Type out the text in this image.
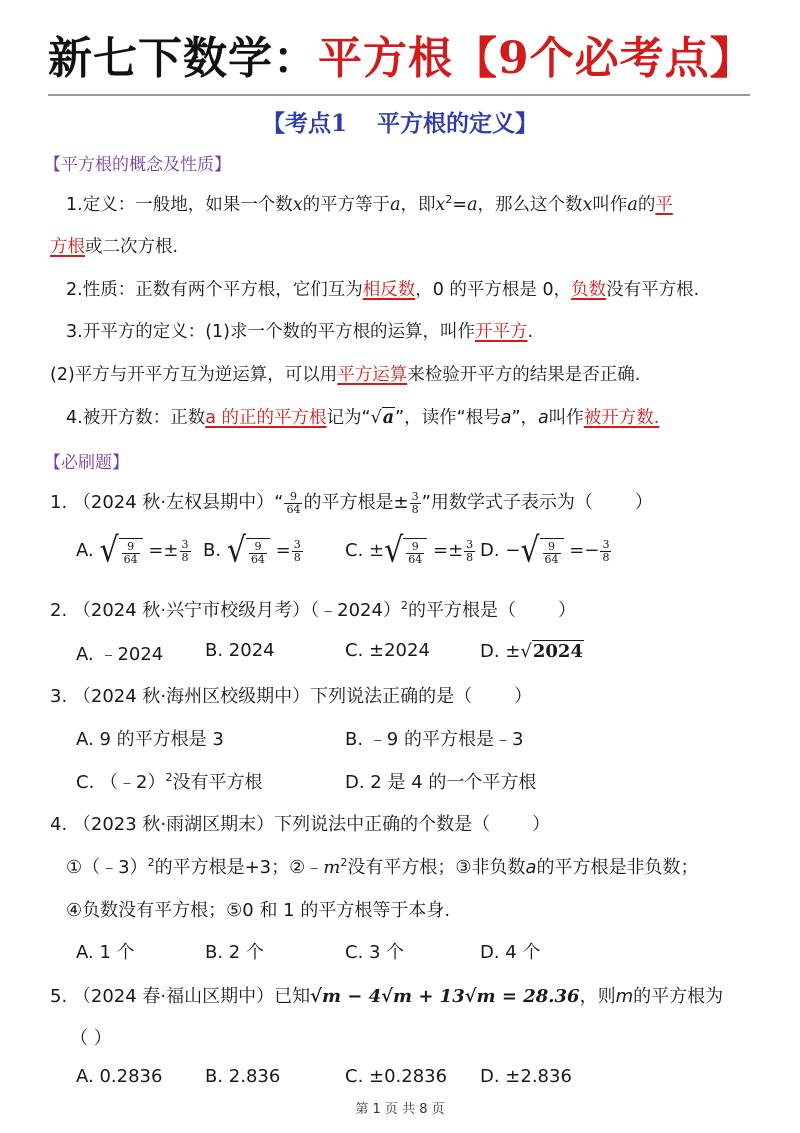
新七下数学：平方根【9个必考点】
【考点1 平方根的定义】
【平方根的概念及性质】
1.定义：一般地，如果一个数x的平方等于a，即$x^2=a$，那么这个数x叫作a的平
方根或二次方根.
2.性质：正数有两个平方根，它们互为相反数，0 的平方根是 0，负数没有平方根.
3.开平方的定义：(1)求一个数的平方根的运算，叫作开平方.
(2)平方与开平方互为逆运算，可以用平方运算来检验开平方的结果是否正确.
4.被开方数：正数a 的正的平方根记为“ √ a ”，读作“根号a”，a叫作被开方数.
【必刷题】
1. （2024 秋·左权县期中）“ $\frac{9}{64}$ 的平方根是± $\frac{3}{8}$ ”用数学式子表示为（ ）
A. √ $\frac{9}{64} =\pm \frac{3}{8} B$. √ $\frac{9}{64} = \frac{3}{8} C$. ± √ $\frac{9}{64} =\pm \frac{3}{8} D$. − √ $\frac{9}{64} =- \frac{3}{8}$
2. （2024 秋·兴宁市校级月考）（﹣2024）$^2$的平方根是（ ）
A. ﹣2024 B. 2024	C. ±2024	D. ± √ 2024
3. （2024 秋·海州区校级期中）下列说法正确的是（ ）
A. 9 的平方根是 3	B. ﹣9 的平方根是﹣3
C. （﹣2）$^2$没有平方根	D. 2 是 4 的一个平方根
4. （2023 秋·雨湖区期末）下列说法中正确的个数是（ ）
①（﹣3）$^2$的平方根是+3；$②﹣m^2$没有平方根；③非负数a的平方根是非负数；
④负数没有平方根；⑤0 和 1 的平方根等于本身.
A. 1 个	B. 2 个	C. 3 个	D. 4 个
5. （2024 春·福山区期中）已知√m − 4√m + 13√m = 28.36，则m的平方根为
（ ）
A. 0.2836 B. 2.836	C. ±0.2836 D. ±2.836
第 1 页 共 8 页
